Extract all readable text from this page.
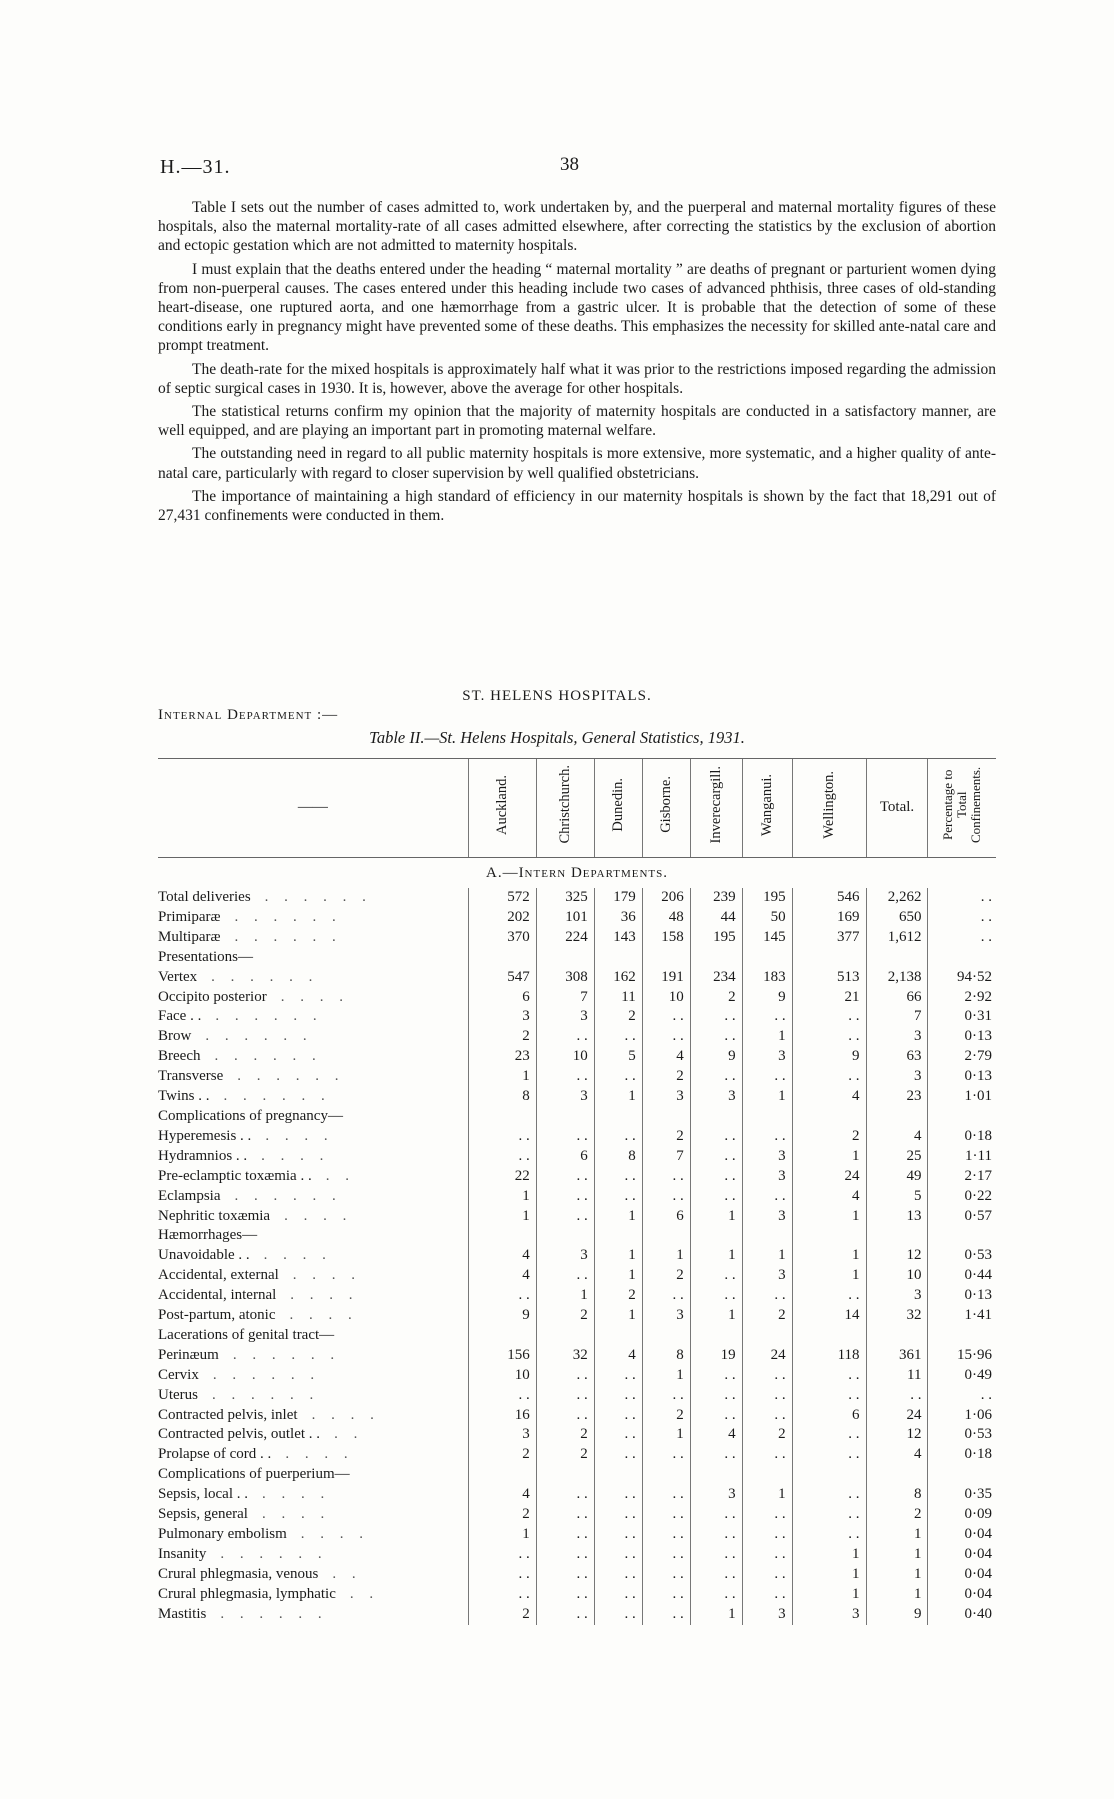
H.—31.	38

Table I sets out the number of cases admitted to, work undertaken by, and the puerperal and maternal mortality figures of these hospitals, also the maternal mortality-rate of all cases admitted elsewhere, after correcting the statistics by the exclusion of abortion and ectopic gestation which are not admitted to maternity hospitals.

I must explain that the deaths entered under the heading “ maternal mortality ” are deaths of pregnant or parturient women dying from non-puerperal causes. The cases entered under this heading include two cases of advanced phthisis, three cases of old-standing heart-disease, one ruptured aorta, and one hæmorrhage from a gastric ulcer. It is probable that the detection of some of these conditions early in pregnancy might have prevented some of these deaths. This emphasizes the necessity for skilled ante-natal care and prompt treatment.

The death-rate for the mixed hospitals is approximately half what it was prior to the restrictions imposed regarding the admission of septic surgical cases in 1930. It is, however, above the average for other hospitals.

The statistical returns confirm my opinion that the majority of maternity hospitals are conducted in a satisfactory manner, are well equipped, and are playing an important part in promoting maternal welfare.

The outstanding need in regard to all public maternity hospitals is more extensive, more systematic, and a higher quality of ante-natal care, particularly with regard to closer supervision by well qualified obstetricians.

The importance of maintaining a high standard of efficiency in our maternity hospitals is shown by the fact that 18,291 out of 27,431 confinements were conducted in them.

ST. HELENS HOSPITALS.
Internal Department :—
Table II.—St. Helens Hospitals, General Statistics, 1931.
——	Auckland.	Christchurch.	Dunedin.	Gisborne.	Inverecargill.	Wanganui.	Wellington.	Total.	Percentage to Total Confinements.
A.—Intern Departments.									
Total deliveries . . . . . .	572	325	179	206	239	195	546	2,262	. .
Primiparæ . . . . . .	202	101	36	48	44	50	169	650	. .
Multiparæ . . . . . .	370	224	143	158	195	145	377	1,612	. .
Presentations—									
Vertex . . . . . .	547	308	162	191	234	183	513	2,138	94·52
Occipito posterior . . . .	6	7	11	10	2	9	21	66	2·92
Face . . . . . . . .	3	3	2	. .	. .	. .	. .	7	0·31
Brow . . . . . .	2	. .	. .	. .	. .	1	. .	3	0·13
Breech . . . . . .	23	10	5	4	9	3	9	63	2·79
Transverse . . . . . .	1	. .	. .	2	. .	. .	. .	3	0·13
Twins . . . . . . . .	8	3	1	3	3	1	4	23	1·01
Complications of pregnancy—									
Hyperemesis . . . . . .	. .	. .	. .	2	. .	. .	2	4	0·18
Hydramnios . . . . . .	. .	6	8	7	. .	3	1	25	1·11
Pre-eclamptic toxæmia . . . .	22	. .	. .	. .	. .	3	24	49	2·17
Eclampsia . . . . . .	1	. .	. .	. .	. .	. .	4	5	0·22
Nephritic toxæmia . . . .	1	. .	1	6	1	3	1	13	0·57
Hæmorrhages—									
Unavoidable . . . . . .	4	3	1	1	1	1	1	12	0·53
Accidental, external . . . .	4	. .	1	2	. .	3	1	10	0·44
Accidental, internal . . . .	. .	1	2	. .	. .	. .	. .	3	0·13
Post-partum, atonic . . . .	9	2	1	3	1	2	14	32	1·41
Lacerations of genital tract—									
Perinæum . . . . . .	156	32	4	8	19	24	118	361	15·96
Cervix . . . . . .	10	. .	. .	1	. .	. .	. .	11	0·49
Uterus . . . . . .	. .	. .	. .	. .	. .	. .	. .	. .	. .
Contracted pelvis, inlet . . . .	16	. .	. .	2	. .	. .	6	24	1·06
Contracted pelvis, outlet . . . .	3	2	. .	1	4	2	. .	12	0·53
Prolapse of cord . . . . . .	2	2	. .	. .	. .	. .	. .	4	0·18
Complications of puerperium—									
Sepsis, local . . . . . .	4	. .	. .	. .	3	1	. .	8	0·35
Sepsis, general . . . .	2	. .	. .	. .	. .	. .	. .	2	0·09
Pulmonary embolism . . . .	1	. .	. .	. .	. .	. .	. .	1	0·04
Insanity . . . . . .	. .	. .	. .	. .	. .	. .	1	1	0·04
Crural phlegmasia, venous . .	. .	. .	. .	. .	. .	. .	1	1	0·04
Crural phlegmasia, lymphatic . .	. .	. .	. .	. .	. .	. .	1	1	0·04
Mastitis . . . . . .	2	. .	. .	. .	1	3	3	9	0·40
